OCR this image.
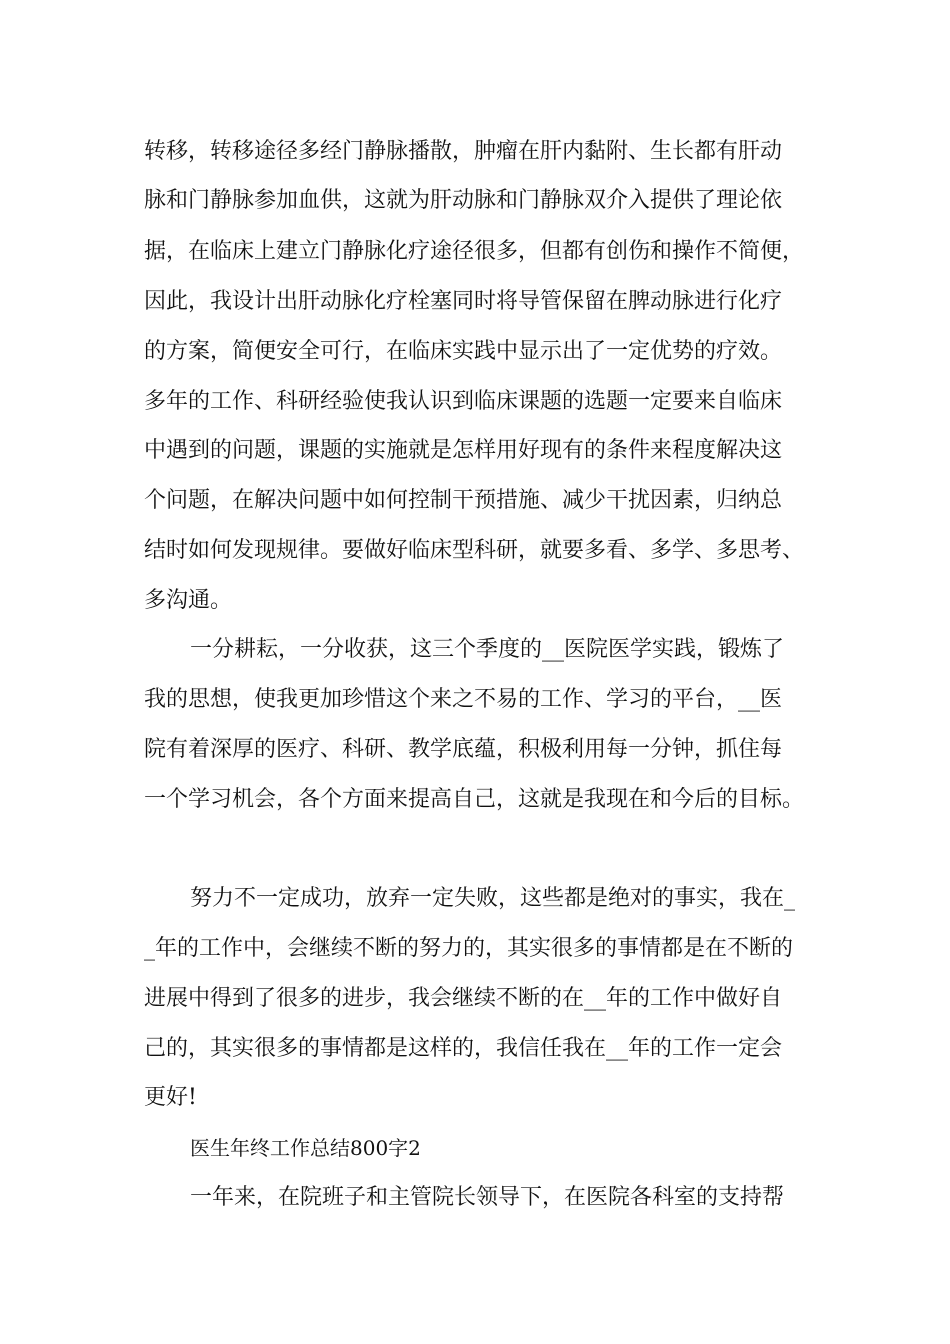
转移，转移途径多经门静脉播散，肿瘤在肝内黏附、生长都有肝动
脉和门静脉参加血供，这就为肝动脉和门静脉双介入提供了理论依
据，在临床上建立门静脉化疗途径很多，但都有创伤和操作不简便，
因此，我设计出肝动脉化疗栓塞同时将导管保留在脾动脉进行化疗
的方案，简便安全可行，在临床实践中显示出了一定优势的疗效。
多年的工作、科研经验使我认识到临床课题的选题一定要来自临床
中遇到的问题，课题的实施就是怎样用好现有的条件来程度解决这
个问题，在解决问题中如何控制干预措施、减少干扰因素，归纳总
结时如何发现规律。要做好临床型科研，就要多看、多学、多思考、
多沟通。
一分耕耘，一分收获，这三个季度的__医院医学实践，锻炼了
我的思想，使我更加珍惜这个来之不易的工作、学习的平台，__医
院有着深厚的医疗、科研、教学底蕴，积极利用每一分钟，抓住每
一个学习机会，各个方面来提高自己，这就是我现在和今后的目标。
努力不一定成功，放弃一定失败，这些都是绝对的事实，我在_
_年的工作中，会继续不断的努力的，其实很多的事情都是在不断的
进展中得到了很多的进步，我会继续不断的在__年的工作中做好自
己的，其实很多的事情都是这样的，我信任我在__年的工作一定会
更好!
医生年终工作总结800字2
一年来，在院班子和主管院长领导下，在医院各科室的支持帮
